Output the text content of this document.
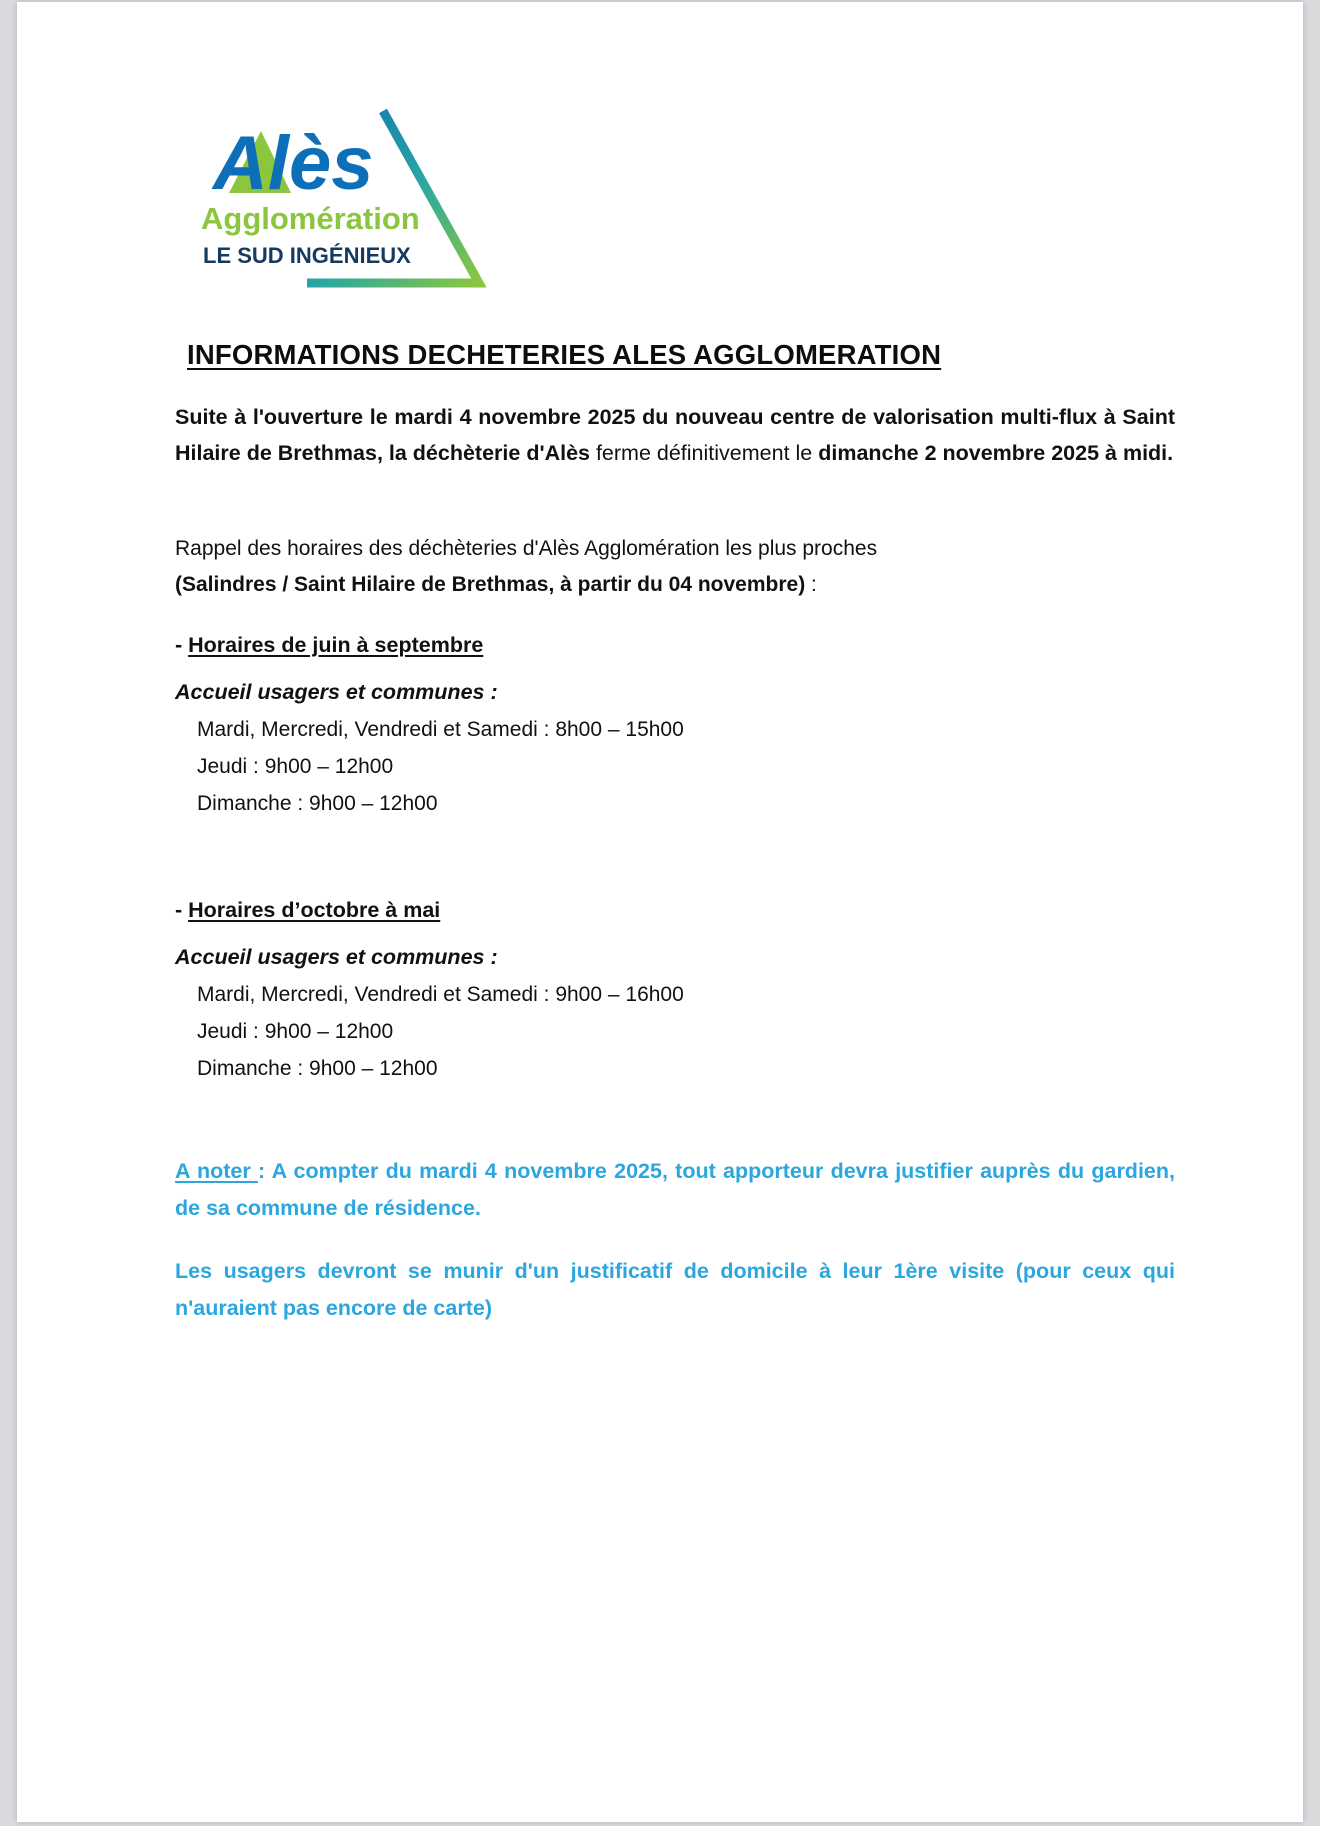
Alès
Agglomération
LE SUD INGÉNIEUX
INFORMATIONS DECHETERIES ALES AGGLOMERATION

Suite à l'ouverture le mardi 4 novembre 2025 du nouveau centre de valorisation multi-flux à Saint Hilaire de Brethmas, la déchèterie d'Alès ferme définitivement le dimanche 2 novembre 2025 à midi.

Rappel des horaires des déchèteries d'Alès Agglomération les plus proches
(Salindres / Saint Hilaire de Brethmas, à partir du 04 novembre) :

- Horaires de juin à septembre

Accueil usagers et communes :

Mardi, Mercredi, Vendredi et Samedi : 8h00 – 15h00
Jeudi : 9h00 – 12h00
Dimanche : 9h00 – 12h00

- Horaires d’octobre à mai

Accueil usagers et communes :

Mardi, Mercredi, Vendredi et Samedi : 9h00 – 16h00
Jeudi : 9h00 – 12h00
Dimanche : 9h00 – 12h00

A noter : A compter du mardi 4 novembre 2025, tout apporteur devra justifier auprès du gardien, de sa commune de résidence.

Les usagers devront se munir d'un justificatif de domicile à leur 1ère visite (pour ceux qui n'auraient pas encore de carte)
